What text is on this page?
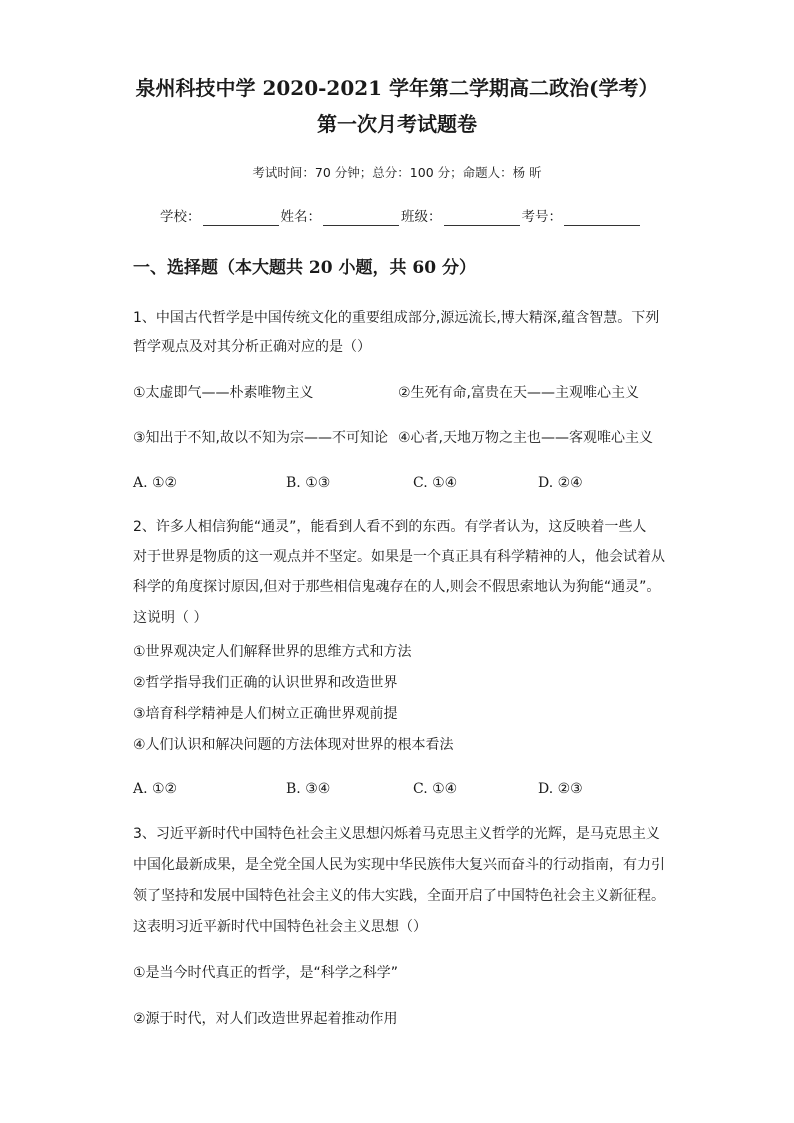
泉州科技中学 2020-2021 学年第二学期高二政治(学考）
第一次月考试题卷
考试时间：70 分钟；总分：100 分；命题人：杨 昕
学校：	姓名：	班级：	考号：
一、选择题（本大题共 20 小题，共 60 分）
1、中国古代哲学是中国传统文化的重要组成部分,源远流长,博大精深,蕴含智慧。下列
哲学观点及对其分析正确对应的是（）
①太虚即气——朴素唯物主义	②生死有命,富贵在天——主观唯心主义
③知出于不知,故以不知为宗——不可知论 ④心者,天地万物之主也——客观唯心主义
A. ①②	B. ①③	C. ①④	D. ②④
2、许多人相信狗能“通灵”，能看到人看不到的东西。有学者认为，这反映着一些人
对于世界是物质的这一观点并不坚定。如果是一个真正具有科学精神的人，他会试着从
科学的角度探讨原因,但对于那些相信鬼魂存在的人,则会不假思索地认为狗能“通灵”。
这说明（ ）
①世界观决定人们解释世界的思维方式和方法
②哲学指导我们正确的认识世界和改造世界
③培育科学精神是人们树立正确世界观前提
④人们认识和解决问题的方法体现对世界的根本看法
A. ①②	B. ③④	C. ①④	D. ②③
3、习近平新时代中国特色社会主义思想闪烁着马克思主义哲学的光辉，是马克思主义
中国化最新成果，是全党全国人民为实现中华民族伟大复兴而奋斗的行动指南，有力引
领了坚持和发展中国特色社会主义的伟大实践，全面开启了中国特色社会主义新征程。
这表明习近平新时代中国特色社会主义思想（）
①是当今时代真正的哲学，是“科学之科学”
②源于时代，对人们改造世界起着推动作用
